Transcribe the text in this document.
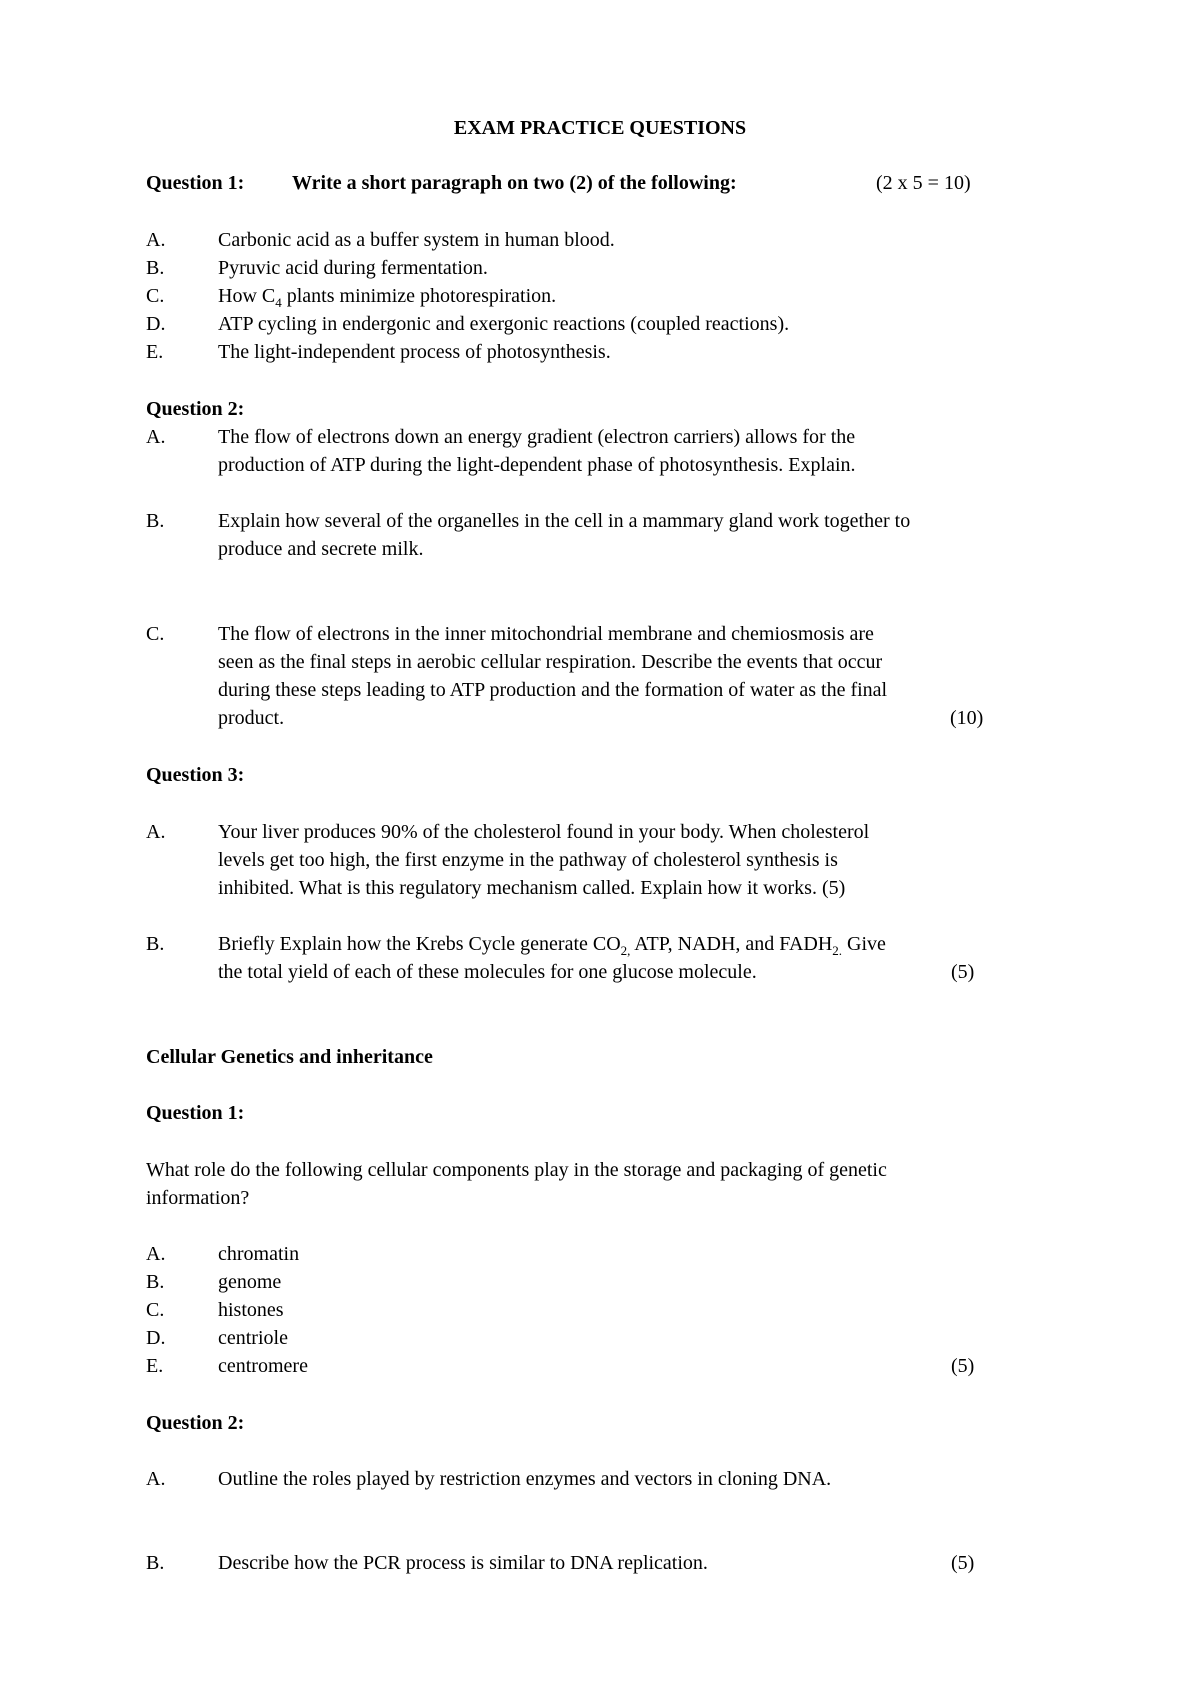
EXAM PRACTICE QUESTIONS
Question 1: Write a short paragraph on two (2) of the following:	(2 x 5 = 10)
A.	Carbonic acid as a buffer system in human blood.
B.	Pyruvic acid during fermentation.
C.	How $C_4$ plants minimize photorespiration.
D.	ATP cycling in endergonic and exergonic reactions (coupled reactions).
E.	The light-independent process of photosynthesis.
Question 2:
A.	The flow of electrons down an energy gradient (electron carriers) allows for the
production of ATP during the light-dependent phase of photosynthesis. Explain.
B.	Explain how several of the organelles in the cell in a mammary gland work together to
produce and secrete milk.
C.	The flow of electrons in the inner mitochondrial membrane and chemiosmosis are
seen as the final steps in aerobic cellular respiration. Describe the events that occur
during these steps leading to ATP production and the formation of water as the final
product.	(10)
Question 3:
A.	Your liver produces 90% of the cholesterol found in your body. When cholesterol
levels get too high, the first enzyme in the pathway of cholesterol synthesis is
inhibited. What is this regulatory mechanism called. Explain how it works. (5)
B.	Briefly Explain how the Krebs Cycle generate $CO_{2,}$ ATP, NADH, and $FADH_{2.}$ Give
the total yield of each of these molecules for one glucose molecule.	(5)
Cellular Genetics and inheritance
Question 1:
What role do the following cellular components play in the storage and packaging of genetic
information?
A.	chromatin
B.	genome
C.	histones
D.	centriole
E.	centromere	(5)
Question 2:
A.	Outline the roles played by restriction enzymes and vectors in cloning DNA.
B.	Describe how the PCR process is similar to DNA replication.	(5)
